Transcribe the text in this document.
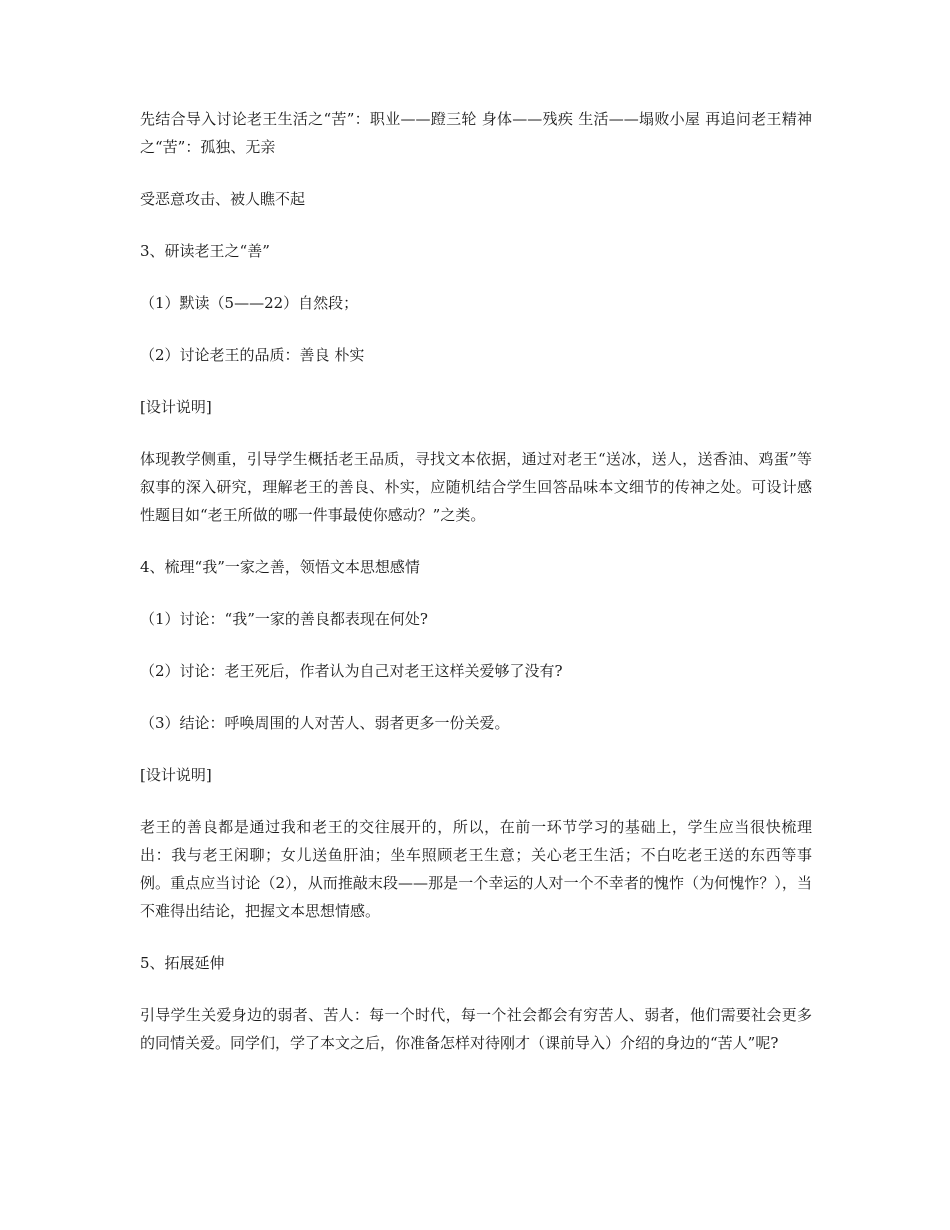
先结合导入讨论老王生活之“苦”：职业——蹬三轮 身体——残疾 生活——塌败小屋 再追问老王精神之“苦”：孤独、无亲

受恶意攻击、被人瞧不起

3、研读老王之“善”

（1）默读（5——22）自然段；

（2）讨论老王的品质：善良 朴实

[设计说明]

体现教学侧重，引导学生概括老王品质，寻找文本依据，通过对老王“送冰，送人，送香油、鸡蛋”等叙事的深入研究，理解老王的善良、朴实，应随机结合学生回答品味本文细节的传神之处。可设计感性题目如“老王所做的哪一件事最使你感动？”之类。

4、梳理“我”一家之善，领悟文本思想感情

（1）讨论：“我”一家的善良都表现在何处?

（2）讨论：老王死后，作者认为自己对老王这样关爱够了没有?

（3）结论：呼唤周围的人对苦人、弱者更多一份关爱。

[设计说明]

老王的善良都是通过我和老王的交往展开的，所以，在前一环节学习的基础上，学生应当很快梳理出：我与老王闲聊；女儿送鱼肝油；坐车照顾老王生意；关心老王生活；不白吃老王送的东西等事例。重点应当讨论（2），从而推敲末段——那是一个幸运的人对一个不幸者的愧怍（为何愧怍？），当不难得出结论，把握文本思想情感。

5、拓展延伸

引导学生关爱身边的弱者、苦人：每一个时代，每一个社会都会有穷苦人、弱者，他们需要社会更多的同情关爱。同学们，学了本文之后，你准备怎样对待刚才（课前导入）介绍的身边的“苦人”呢?
